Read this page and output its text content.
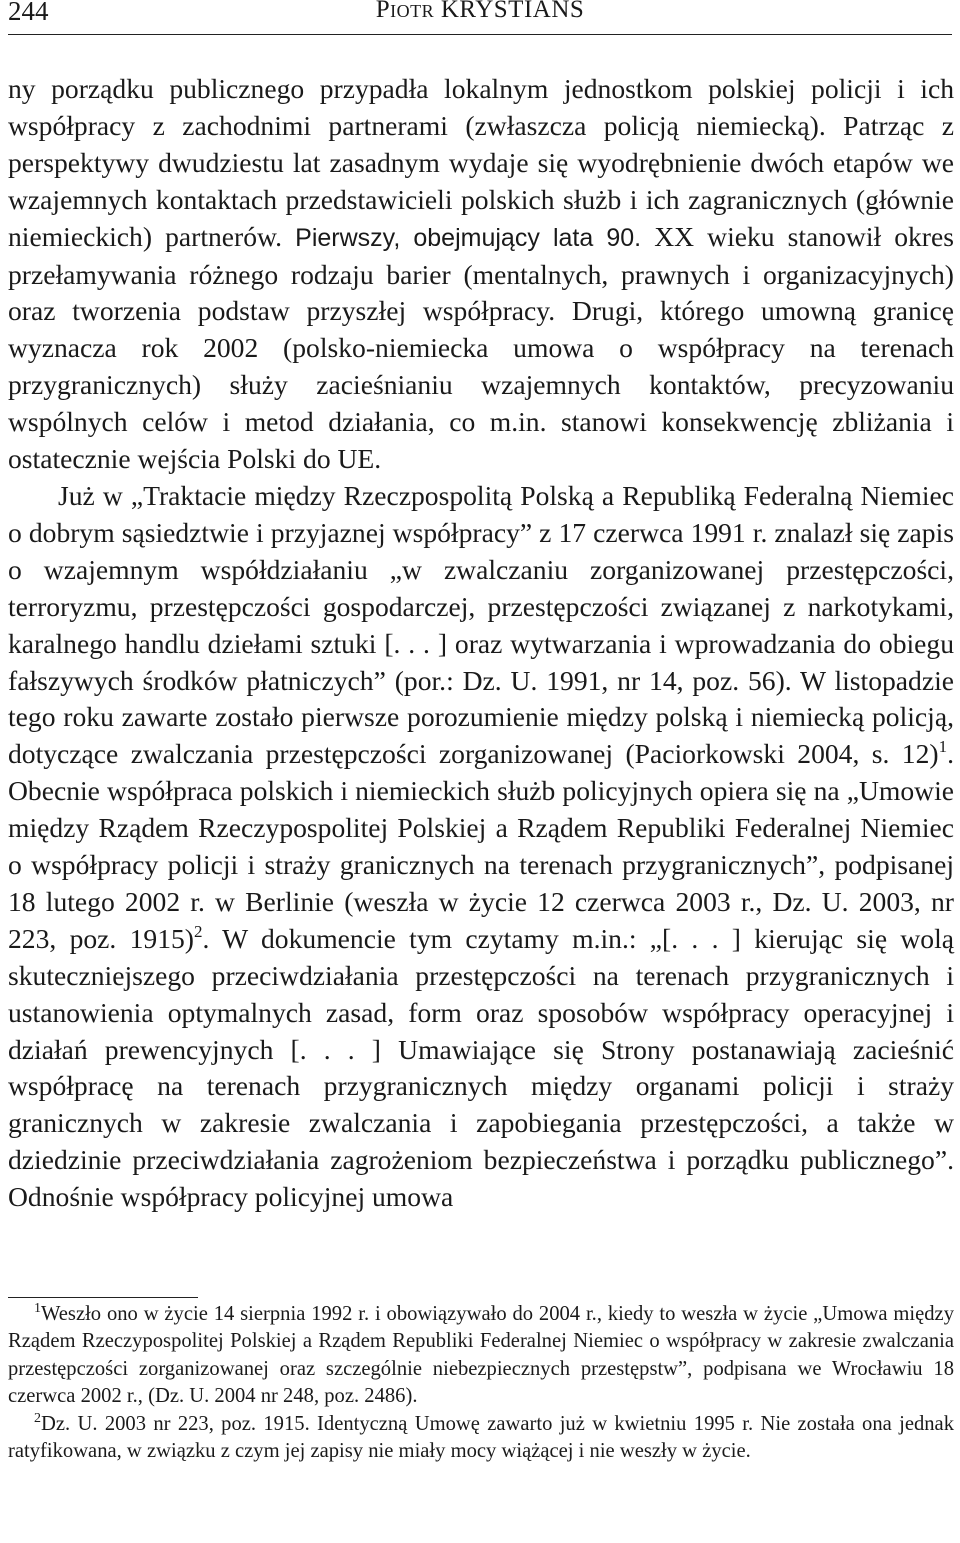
244	Piotr KRYSTIANS

ny porządku publicznego przypadła lokalnym jednostkom polskiej policji i ich współpracy z zachodnimi partnerami (zwłaszcza policją niemiecką). Patrząc z perspektywy dwudziestu lat zasadnym wydaje się wyodrębnienie dwóch etapów we wzajemnych kontaktach przedstawicieli polskich służb i ich zagranicznych (głównie niemieckich) partnerów. Pierwszy, obejmujący lata 90. XX wieku stanowił okres przełamywania różnego rodzaju barier (mentalnych, prawnych i organizacyjnych) oraz tworzenia podstaw przyszłej współpracy. Drugi, którego umowną granicę wyznacza rok 2002 (polsko-niemiecka umowa o współpracy na terenach przygranicznych) służy zacieśnianiu wzajemnych kontaktów, precyzowaniu wspólnych celów i metod działania, co m.in. stanowi konsekwencję zbliżania i ostatecznie wejścia Polski do UE.

Już w „Traktacie między Rzeczpospolitą Polską a Republiką Federalną Niemiec o dobrym sąsiedztwie i przyjaznej współpracy” z 17 czerwca 1991 r. znalazł się zapis o wzajemnym współdziałaniu „w zwalczaniu zorganizowanej przestępczości, terroryzmu, przestępczości gospodarczej, przestępczości związanej z narkotykami, karalnego handlu dziełami sztuki [. . . ] oraz wytwarzania i wprowadzania do obiegu fałszywych środków płatniczych” (por.: Dz. U. 1991, nr 14, poz. 56). W listopadzie tego roku zawarte zostało pierwsze porozumienie między polską i niemiecką policją, dotyczące zwalczania przestępczości zorganizowanej (Paciorkowski 2004, s. 12)$^1$. Obecnie współpraca polskich i niemieckich służb policyjnych opiera się na „Umowie między Rządem Rzeczypospolitej Polskiej a Rządem Republiki Federalnej Niemiec o współpracy policji i straży granicznych na terenach przygranicznych”, podpisanej 18 lutego 2002 r. w Berlinie (weszła w życie 12 czerwca 2003 r., Dz. U. 2003, nr 223, poz. 1915)$^2$. W dokumencie tym czytamy m.in.: „[. . . ] kierując się wolą skuteczniejszego przeciwdziałania przestępczości na terenach przygranicznych i ustanowienia optymalnych zasad, form oraz sposobów współpracy operacyjnej i działań prewencyjnych [. . . ] Umawiające się Strony postanawiają zacieśnić współpracę na terenach przygranicznych między organami policji i straży granicznych w zakresie zwalczania i zapobiegania przestępczości, a także w dziedzinie przeciwdziałania zagrożeniom bezpieczeństwa i porządku publicznego”. Odnośnie współpracy policyjnej umowa

$^1$Weszło ono w życie 14 sierpnia 1992 r. i obowiązywało do 2004 r., kiedy to weszła w życie „Umowa między Rządem Rzeczypospolitej Polskiej a Rządem Republiki Federalnej Niemiec o współpracy w zakresie zwalczania przestępczości zorganizowanej oraz szczególnie niebezpiecznych przestępstw”, podpisana we Wrocławiu 18 czerwca 2002 r., (Dz. U. 2004 nr 248, poz. 2486).

$^2$Dz. U. 2003 nr 223, poz. 1915. Identyczną Umowę zawarto już w kwietniu 1995 r. Nie została ona jednak ratyfikowana, w związku z czym jej zapisy nie miały mocy wiążącej i nie weszły w życie.
